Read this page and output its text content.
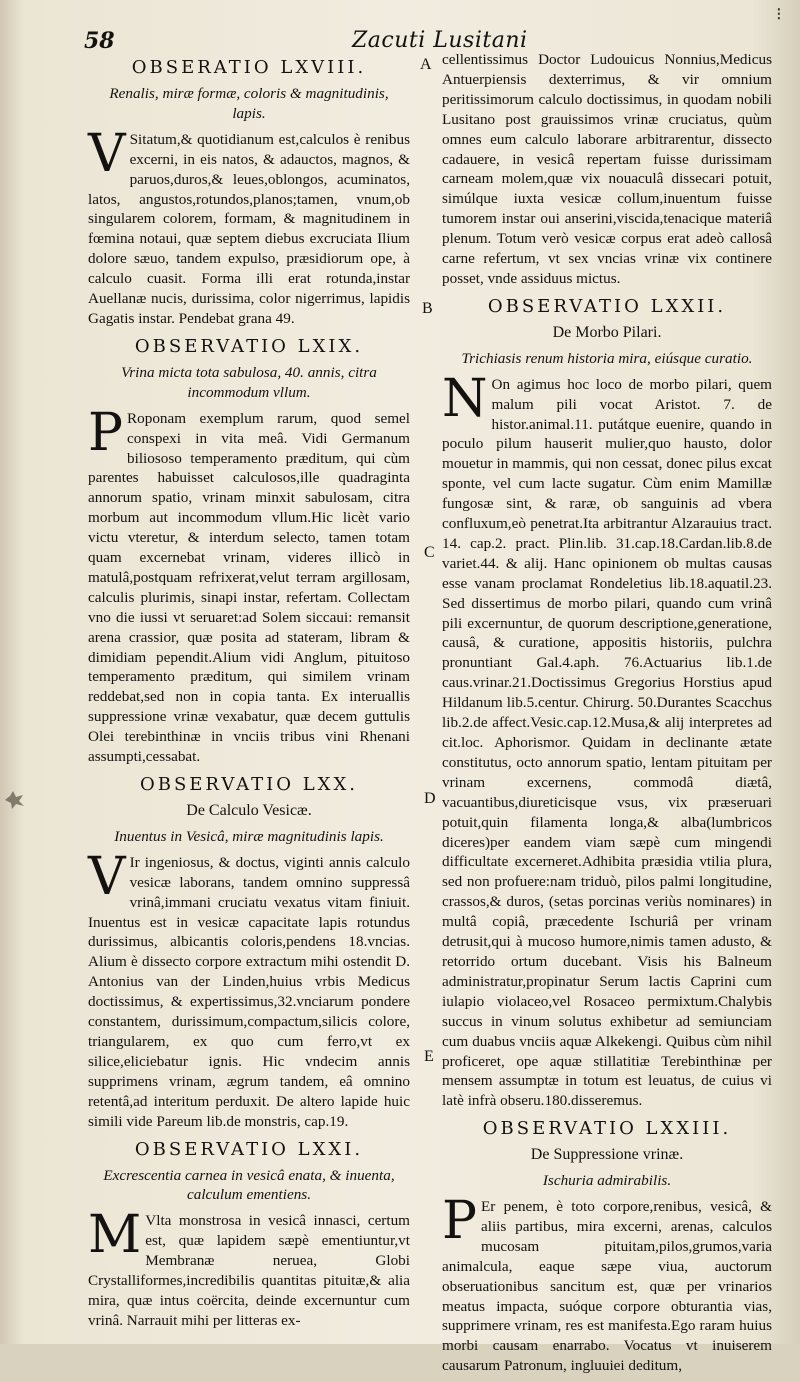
58	Zacuti Lusitani
⁝
A
B
C
D
E
OBSERATIO LXVIII.
Renalis, miræ formæ, coloris & magnitudinis, lapis.

V Sitatum,& quotidianum est,calculos è renibus excerni, in eis natos, & adauctos, magnos, & paruos,duros,& leues,oblongos, acuminatos, latos, angustos,rotundos,planos;tamen, vnum,ob singularem colorem, formam, & magnitudinem in fœmina notaui, quæ septem diebus excruciata Ilium dolore sæuo, tandem expulso, præsidiorum ope, à calculo cuasit. Forma illi erat rotunda,instar Auellanæ nucis, durissima, color nigerrimus, lapidis Gagatis instar. Pendebat grana 49.

OBSERVATIO LXIX.
Vrina micta tota sabulosa, 40. annis, citra incommodum vllum.

P Roponam exemplum rarum, quod semel conspexi in vita meâ. Vidi Germanum biliososo temperamento præditum, qui cùm parentes habuisset calculosos,ille quadraginta annorum spatio, vrinam minxit sabulosam, citra morbum aut incommodum vllum.Hic licèt vario victu vteretur, & interdum selecto, tamen totam quam excernebat vrinam, videres illicò in matulâ,postquam refrixerat,velut terram argillosam, calculis plurimis, sinapi instar, refertam. Collectam vno die iussi vt seruaret:ad Solem siccaui: remansit arena crassior, quæ posita ad stateram, libram & dimidiam pependit.Alium vidi Anglum, pituitoso temperamento præditum, qui similem vrinam reddebat,sed non in copia tanta. Ex interuallis suppressione vrinæ vexabatur, quæ decem guttulis Olei terebinthinæ in vnciis tribus vini Rhenani assumpti,cessabat.

OBSERVATIO LXX.
De Calculo Vesicæ.
Inuentus in Vesicâ, miræ magnitudinis lapis.

V Ir ingeniosus, & doctus, viginti annis calculo vesicæ laborans, tandem omnino suppressâ vrinâ,immani cruciatu vexatus vitam finiuit. Inuentus est in vesicæ capacitate lapis rotundus durissimus, albicantis coloris,pendens 18.vncias. Alium è dissecto corpore extractum mihi ostendit D. Antonius van der Linden,huius vrbis Medicus doctissimus, & expertissimus,32.vnciarum pondere constantem, durissimum,compactum,silicis colore, triangularem, ex quo cum ferro,vt ex silice,eliciebatur ignis. Hic vndecim annis supprimens vrinam, ægrum tandem, eâ omnino retentâ,ad interitum perduxit. De altero lapide huic simili vide Pareum lib.de monstris, cap.19.

OBSERVATIO LXXI.
Excrescentia carnea in vesicâ enata, & inuenta, calculum ementiens.

M Vlta monstrosa in vesicâ innasci, certum est, quæ lapidem sæpè ementiuntur,vt Membranæ neruea, Globi Crystalliformes,incredibilis quantitas pituitæ,& alia mira, quæ intus coërcita, deinde excernuntur cum vrinâ. Narrauit mihi per litteras ex-

cellentissimus Doctor Ludouicus Nonnius,Medicus Antuerpiensis dexterrimus, & vir omnium peritissimorum calculo doctissimus, in quodam nobili Lusitano post grauissimos vrinæ cruciatus, quùm omnes eum calculo laborare arbitrarentur, dissecto cadauere, in vesicâ repertam fuisse durissimam carneam molem,quæ vix nouaculâ dissecari potuit, simúlque iuxta vesicæ collum,inuentum fuisse tumorem instar oui anserini,viscida,tenacique materiâ plenum. Totum verò vesicæ corpus erat adeò callosâ carne refertum, vt sex vncias vrinæ vix continere posset, vnde assiduus mictus.

OBSERVATIO LXXII.
De Morbo Pilari.
Trichiasis renum historia mira, eiúsque curatio.

N On agimus hoc loco de morbo pilari, quem malum pili vocat Aristot. 7. de histor.animal.11. putátque euenire, quando in poculo pilum hauserit mulier,quo hausto, dolor mouetur in mammis, qui non cessat, donec pilus excat sponte, vel cum lacte sugatur. Cùm enim Mamillæ fungosæ sint, & raræ, ob sanguinis ad vbera confluxum,eò penetrat.Ita arbitrantur Alzarauius tract. 14. cap.2. pract. Plin.lib. 31.cap.18.Cardan.lib.8.de variet.44. & alij. Hanc opinionem ob multas causas esse vanam proclamat Rondeletius lib.18.aquatil.23. Sed dissertimus de morbo pilari, quando cum vrinâ pili excernuntur, de quorum descriptione,generatione, causâ, & curatione, appositis historiis, pulchra pronuntiant Gal.4.aph. 76.Actuarius lib.1.de caus.vrinar.21.Doctissimus Gregorius Horstius apud Hildanum lib.5.centur. Chirurg. 50.Durantes Scacchus lib.2.de affect.Vesic.cap.12.Musa,& alij interpretes ad cit.loc. Aphorismor. Quidam in declinante ætate constitutus, octo annorum spatio, lentam pituitam per vrinam excernens, commodâ diætâ, vacuantibus,diureticisque vsus, vix præseruari potuit,quin filamenta longa,& alba(lumbricos diceres)per eandem viam sæpè cum mingendi difficultate excerneret.Adhibita præsidia vtilia plura, sed non profuere:nam triduò, pilos palmi longitudine, crassos,& duros, (setas porcinas veriùs nominares) in multâ copiâ, præcedente Ischuriâ per vrinam detrusit,qui à mucoso humore,nimis tamen adusto, & retorrido ortum ducebant. Visis his Balneum administratur,propinatur Serum lactis Caprini cum iulapio violaceo,vel Rosaceo permixtum.Chalybis succus in vinum solutus exhibetur ad semiunciam cum duabus vnciis aquæ Alkekengi. Quibus cùm nihil proficeret, ope aquæ stillatitiæ Terebinthinæ per mensem assumptæ in totum est leuatus, de cuius vi latè infrà obseru.180.disseremus.

OBSERVATIO LXXIII.
De Suppressione vrinæ.
Ischuria admirabilis.

P Er penem, è toto corpore,renibus, vesicâ, & aliis partibus, mira excerni, arenas, calculos mucosam pituitam,pilos,grumos,varia animalcula, eaque sæpe viua, auctorum obseruationibus sancitum est, quæ per vrinarios meatus impacta, suóque corpore obturantia vias, supprimere vrinam, res est manifesta.Ego raram huius morbi causam enarrabo. Vocatus vt inuiserem causarum Patronum, ingluuiei deditum,
